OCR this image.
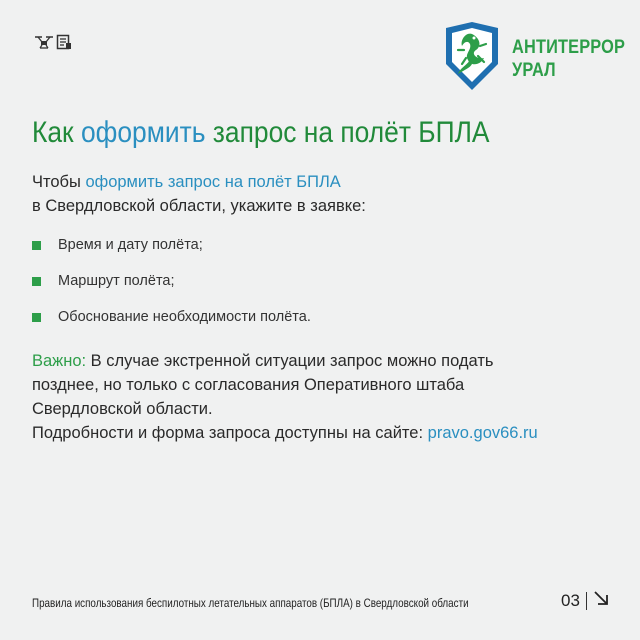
АНТИТЕРРОР
УРАЛ
Как оформить запрос на полёт БПЛА
Чтобы оформить запрос на полёт БПЛА
в Свердловской области, укажите в заявке:
Время и дату полёта;
Маршрут полёта;
Обоснование необходимости полёта.
Важно: В случае экстренной ситуации запрос можно подать
позднее, но только с согласования Оперативного штаба
Свердловской области.
Подробности и форма запроса доступны на сайте: pravo.gov66.ru
Правила использования беспилотных летательных аппаратов (БПЛА) в Свердловской области	03
